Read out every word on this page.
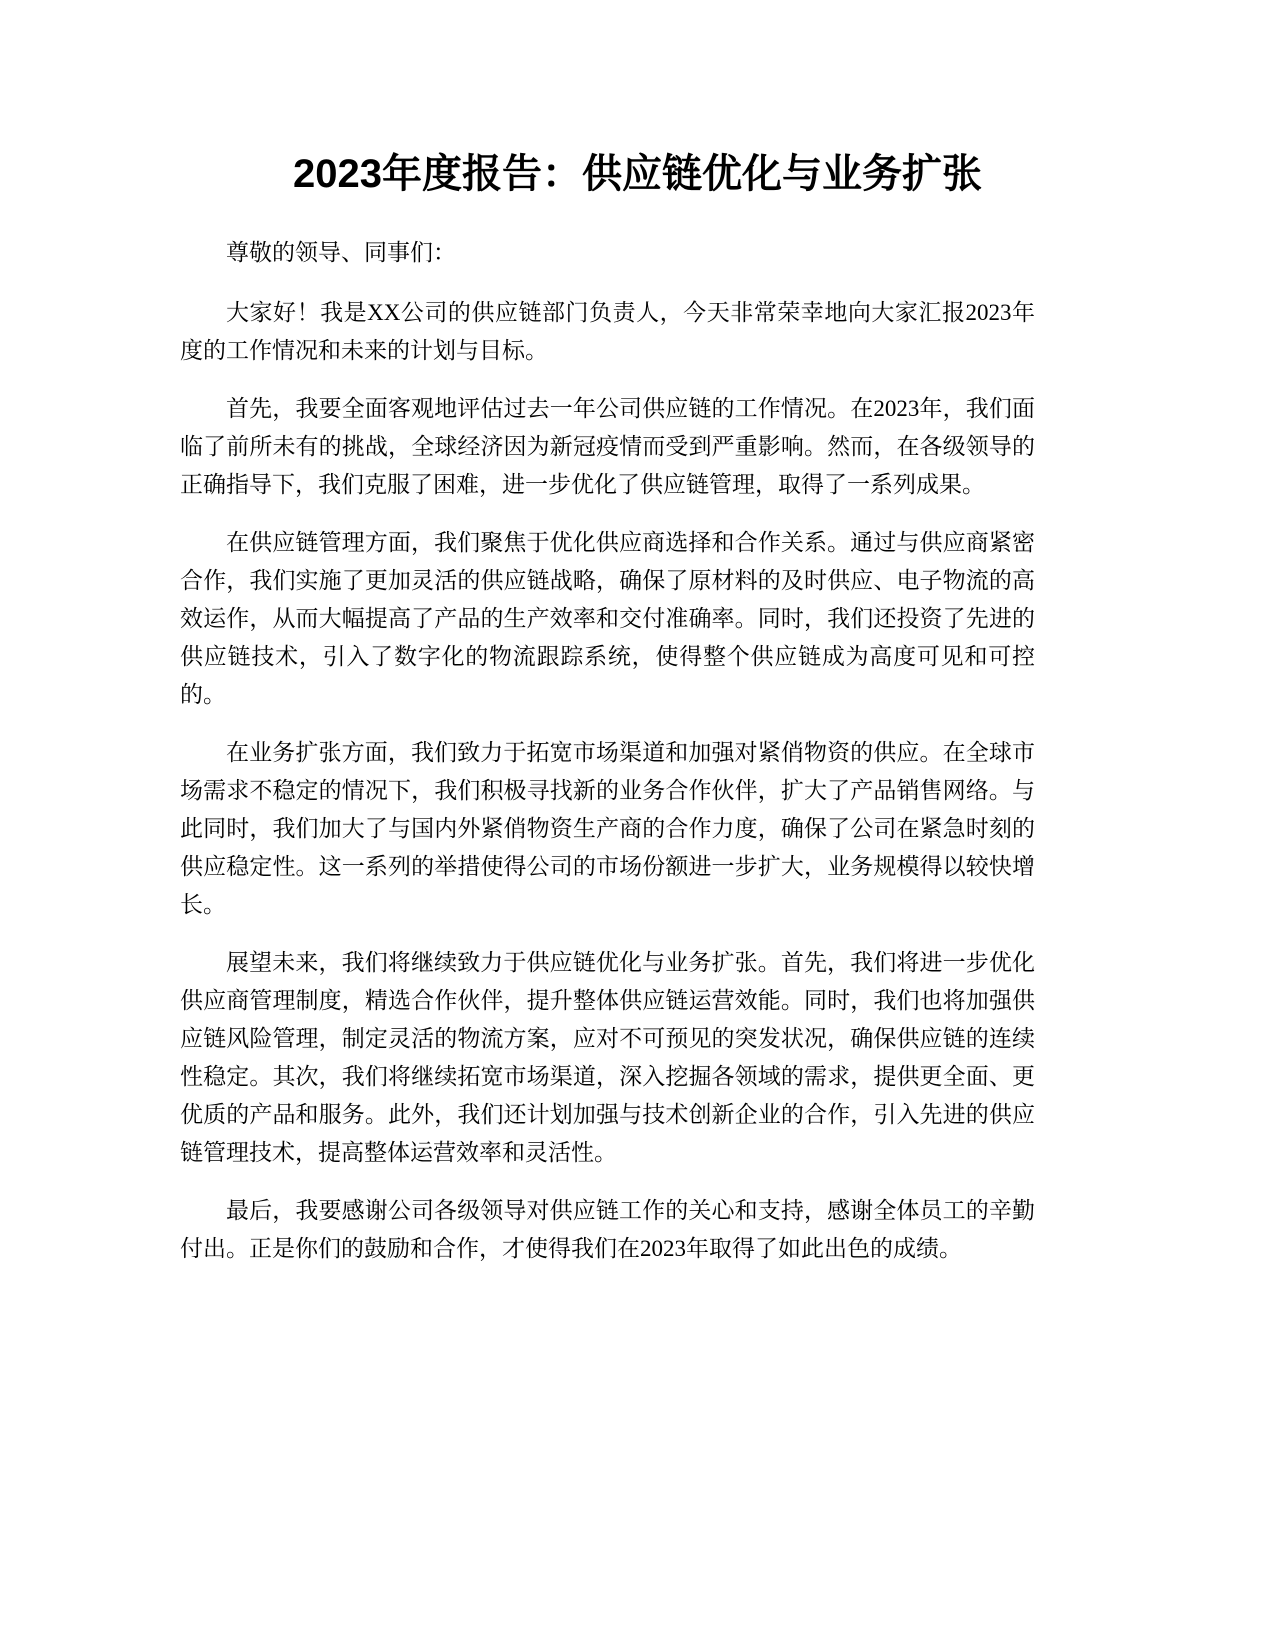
2023年度报告：供应链优化与业务扩张

尊敬的领导、同事们：

大家好！我是XX公司的供应链部门负责人，今天非常荣幸地向大家汇报2023年度的工作情况和未来的计划与目标。

首先，我要全面客观地评估过去一年公司供应链的工作情况。在2023年，我们面临了前所未有的挑战，全球经济因为新冠疫情而受到严重影响。然而，在各级领导的正确指导下，我们克服了困难，进一步优化了供应链管理，取得了一系列成果。

在供应链管理方面，我们聚焦于优化供应商选择和合作关系。通过与供应商紧密合作，我们实施了更加灵活的供应链战略，确保了原材料的及时供应、电子物流的高效运作，从而大幅提高了产品的生产效率和交付准确率。同时，我们还投资了先进的供应链技术，引入了数字化的物流跟踪系统，使得整个供应链成为高度可见和可控的。

在业务扩张方面，我们致力于拓宽市场渠道和加强对紧俏物资的供应。在全球市场需求不稳定的情况下，我们积极寻找新的业务合作伙伴，扩大了产品销售网络。与此同时，我们加大了与国内外紧俏物资生产商的合作力度，确保了公司在紧急时刻的供应稳定性。这一系列的举措使得公司的市场份额进一步扩大，业务规模得以较快增长。

展望未来，我们将继续致力于供应链优化与业务扩张。首先，我们将进一步优化供应商管理制度，精选合作伙伴，提升整体供应链运营效能。同时，我们也将加强供应链风险管理，制定灵活的物流方案，应对不可预见的突发状况，确保供应链的连续性稳定。其次，我们将继续拓宽市场渠道，深入挖掘各领域的需求，提供更全面、更优质的产品和服务。此外，我们还计划加强与技术创新企业的合作，引入先进的供应链管理技术，提高整体运营效率和灵活性。

最后，我要感谢公司各级领导对供应链工作的关心和支持，感谢全体员工的辛勤付出。正是你们的鼓励和合作，才使得我们在2023年取得了如此出色的成绩。
